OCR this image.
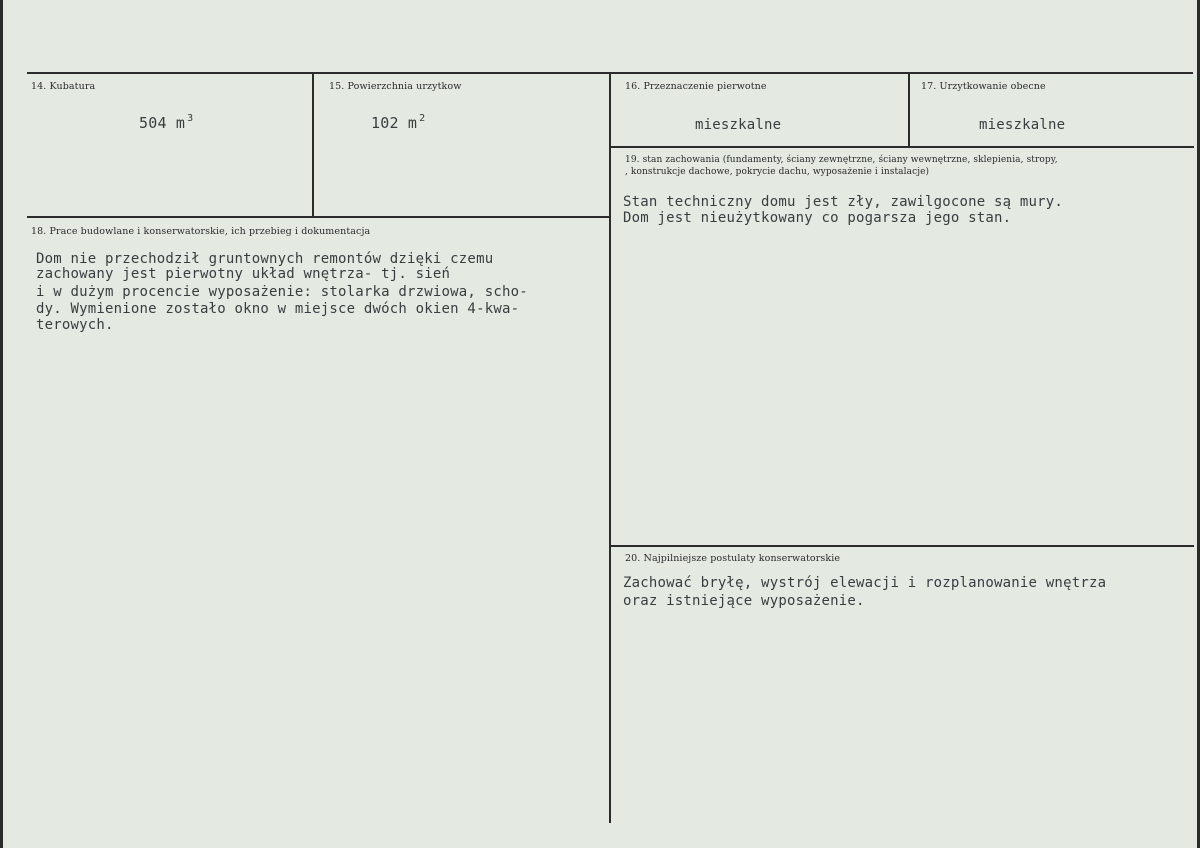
14. Kubatura
504 m $^3$
15. Powierzchnia urzytkow
102 m $^2$
16. Przeznaczenie pierwotne
mieszkalne
17. Urzytkowanie obecne
mieszkalne
19. stan zachowania (fundamenty, ściany zewnętrzne, ściany wewnętrzne, sklepienia, stropy,
, konstrukcje dachowe, pokrycie dachu, wyposażenie i instalacje)
Stan techniczny domu jest zły, zawilgocone są mury.
Dom jest nieużytkowany co pogarsza jego stan.
18. Prace budowlane i konserwatorskie, ich przebieg i dokumentacja
Dom nie przechodził gruntownych remontów dzięki czemu
zachowany jest pierwotny układ wnętrza- tj. sień
i w dużym procencie wyposażenie: stolarka drzwiowa, scho-
dy. Wymienione zostało okno w miejsce dwóch okien 4-kwa-
terowych.
20. Najpilniejsze postulaty konserwatorskie
Zachować bryłę, wystrój elewacji i rozplanowanie wnętrza
oraz istniejące wyposażenie.
